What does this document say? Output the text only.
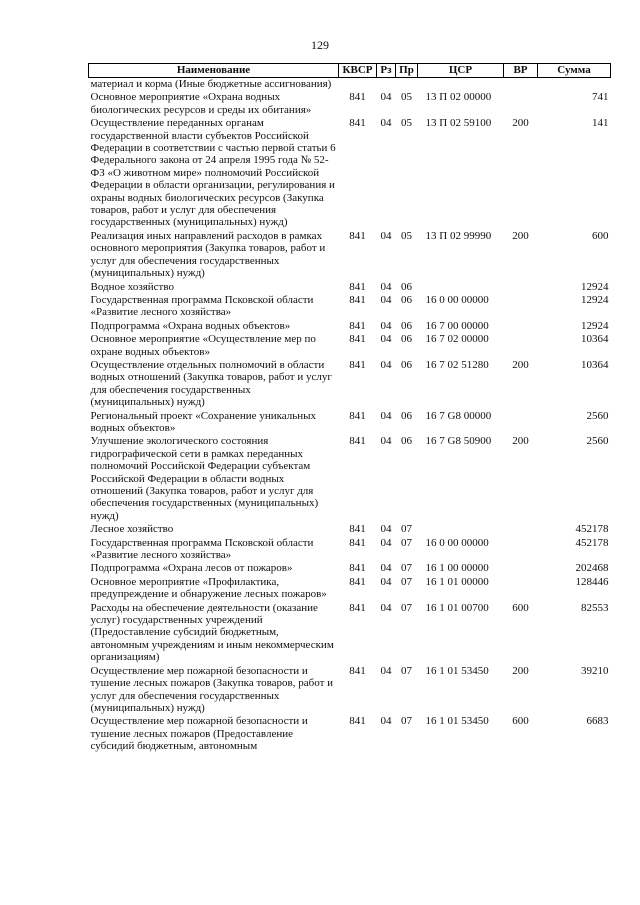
129
Наименование	КВСР	Рз	Пр	ЦСР	ВР	Сумма
материал и корма (Иные бюджетные ассигнования)						
Основное мероприятие «Охрана водных биологических ресурсов и среды их обитания»	841	04	05	13 П 02 00000		741
Осуществление переданных органам государственной власти субъектов Российской Федерации в соответствии с частью первой статьи 6 Федерального закона от 24 апреля 1995 года № 52-ФЗ «О животном мире» полномочий Российской Федерации в области организации, регулирования и охраны водных биологических ресурсов (Закупка товаров, работ и услуг для обеспечения государственных (муниципальных) нужд)	841	04	05	13 П 02 59100	200	141
Реализация иных направлений расходов в рамках основного мероприятия (Закупка товаров, работ и услуг для обеспечения государственных (муниципальных) нужд)	841	04	05	13 П 02 99990	200	600
Водное хозяйство	841	04	06			12924
Государственная программа Псковской области «Развитие лесного хозяйства»	841	04	06	16 0 00 00000		12924
Подпрограмма «Охрана водных объектов»	841	04	06	16 7 00 00000		12924
Основное мероприятие «Осуществление мер по охране водных объектов»	841	04	06	16 7 02 00000		10364
Осуществление отдельных полномочий в области водных отношений (Закупка товаров, работ и услуг для обеспечения государственных (муниципальных) нужд)	841	04	06	16 7 02 51280	200	10364
Региональный проект «Сохранение уникальных водных объектов»	841	04	06	16 7 G8 00000		2560
Улучшение экологического состояния гидрографической сети в рамках переданных полномочий Российской Федерации субъектам Российской Федерации в области водных отношений (Закупка товаров, работ и услуг для обеспечения государственных (муниципальных) нужд)	841	04	06	16 7 G8 50900	200	2560
Лесное хозяйство	841	04	07			452178
Государственная программа Псковской области «Развитие лесного хозяйства»	841	04	07	16 0 00 00000		452178
Подпрограмма «Охрана лесов от пожаров»	841	04	07	16 1 00 00000		202468
Основное мероприятие «Профилактика, предупреждение и обнаружение лесных пожаров»	841	04	07	16 1 01 00000		128446
Расходы на обеспечение деятельности (оказание услуг) государственных учреждений (Предоставление субсидий бюджетным, автономным учреждениям и иным некоммерческим организациям)	841	04	07	16 1 01 00700	600	82553
Осуществление мер пожарной безопасности и тушение лесных пожаров (Закупка товаров, работ и услуг для обеспечения государственных (муниципальных) нужд)	841	04	07	16 1 01 53450	200	39210
Осуществление мер пожарной безопасности и тушение лесных пожаров (Предоставление субсидий бюджетным, автономным	841	04	07	16 1 01 53450	600	6683
